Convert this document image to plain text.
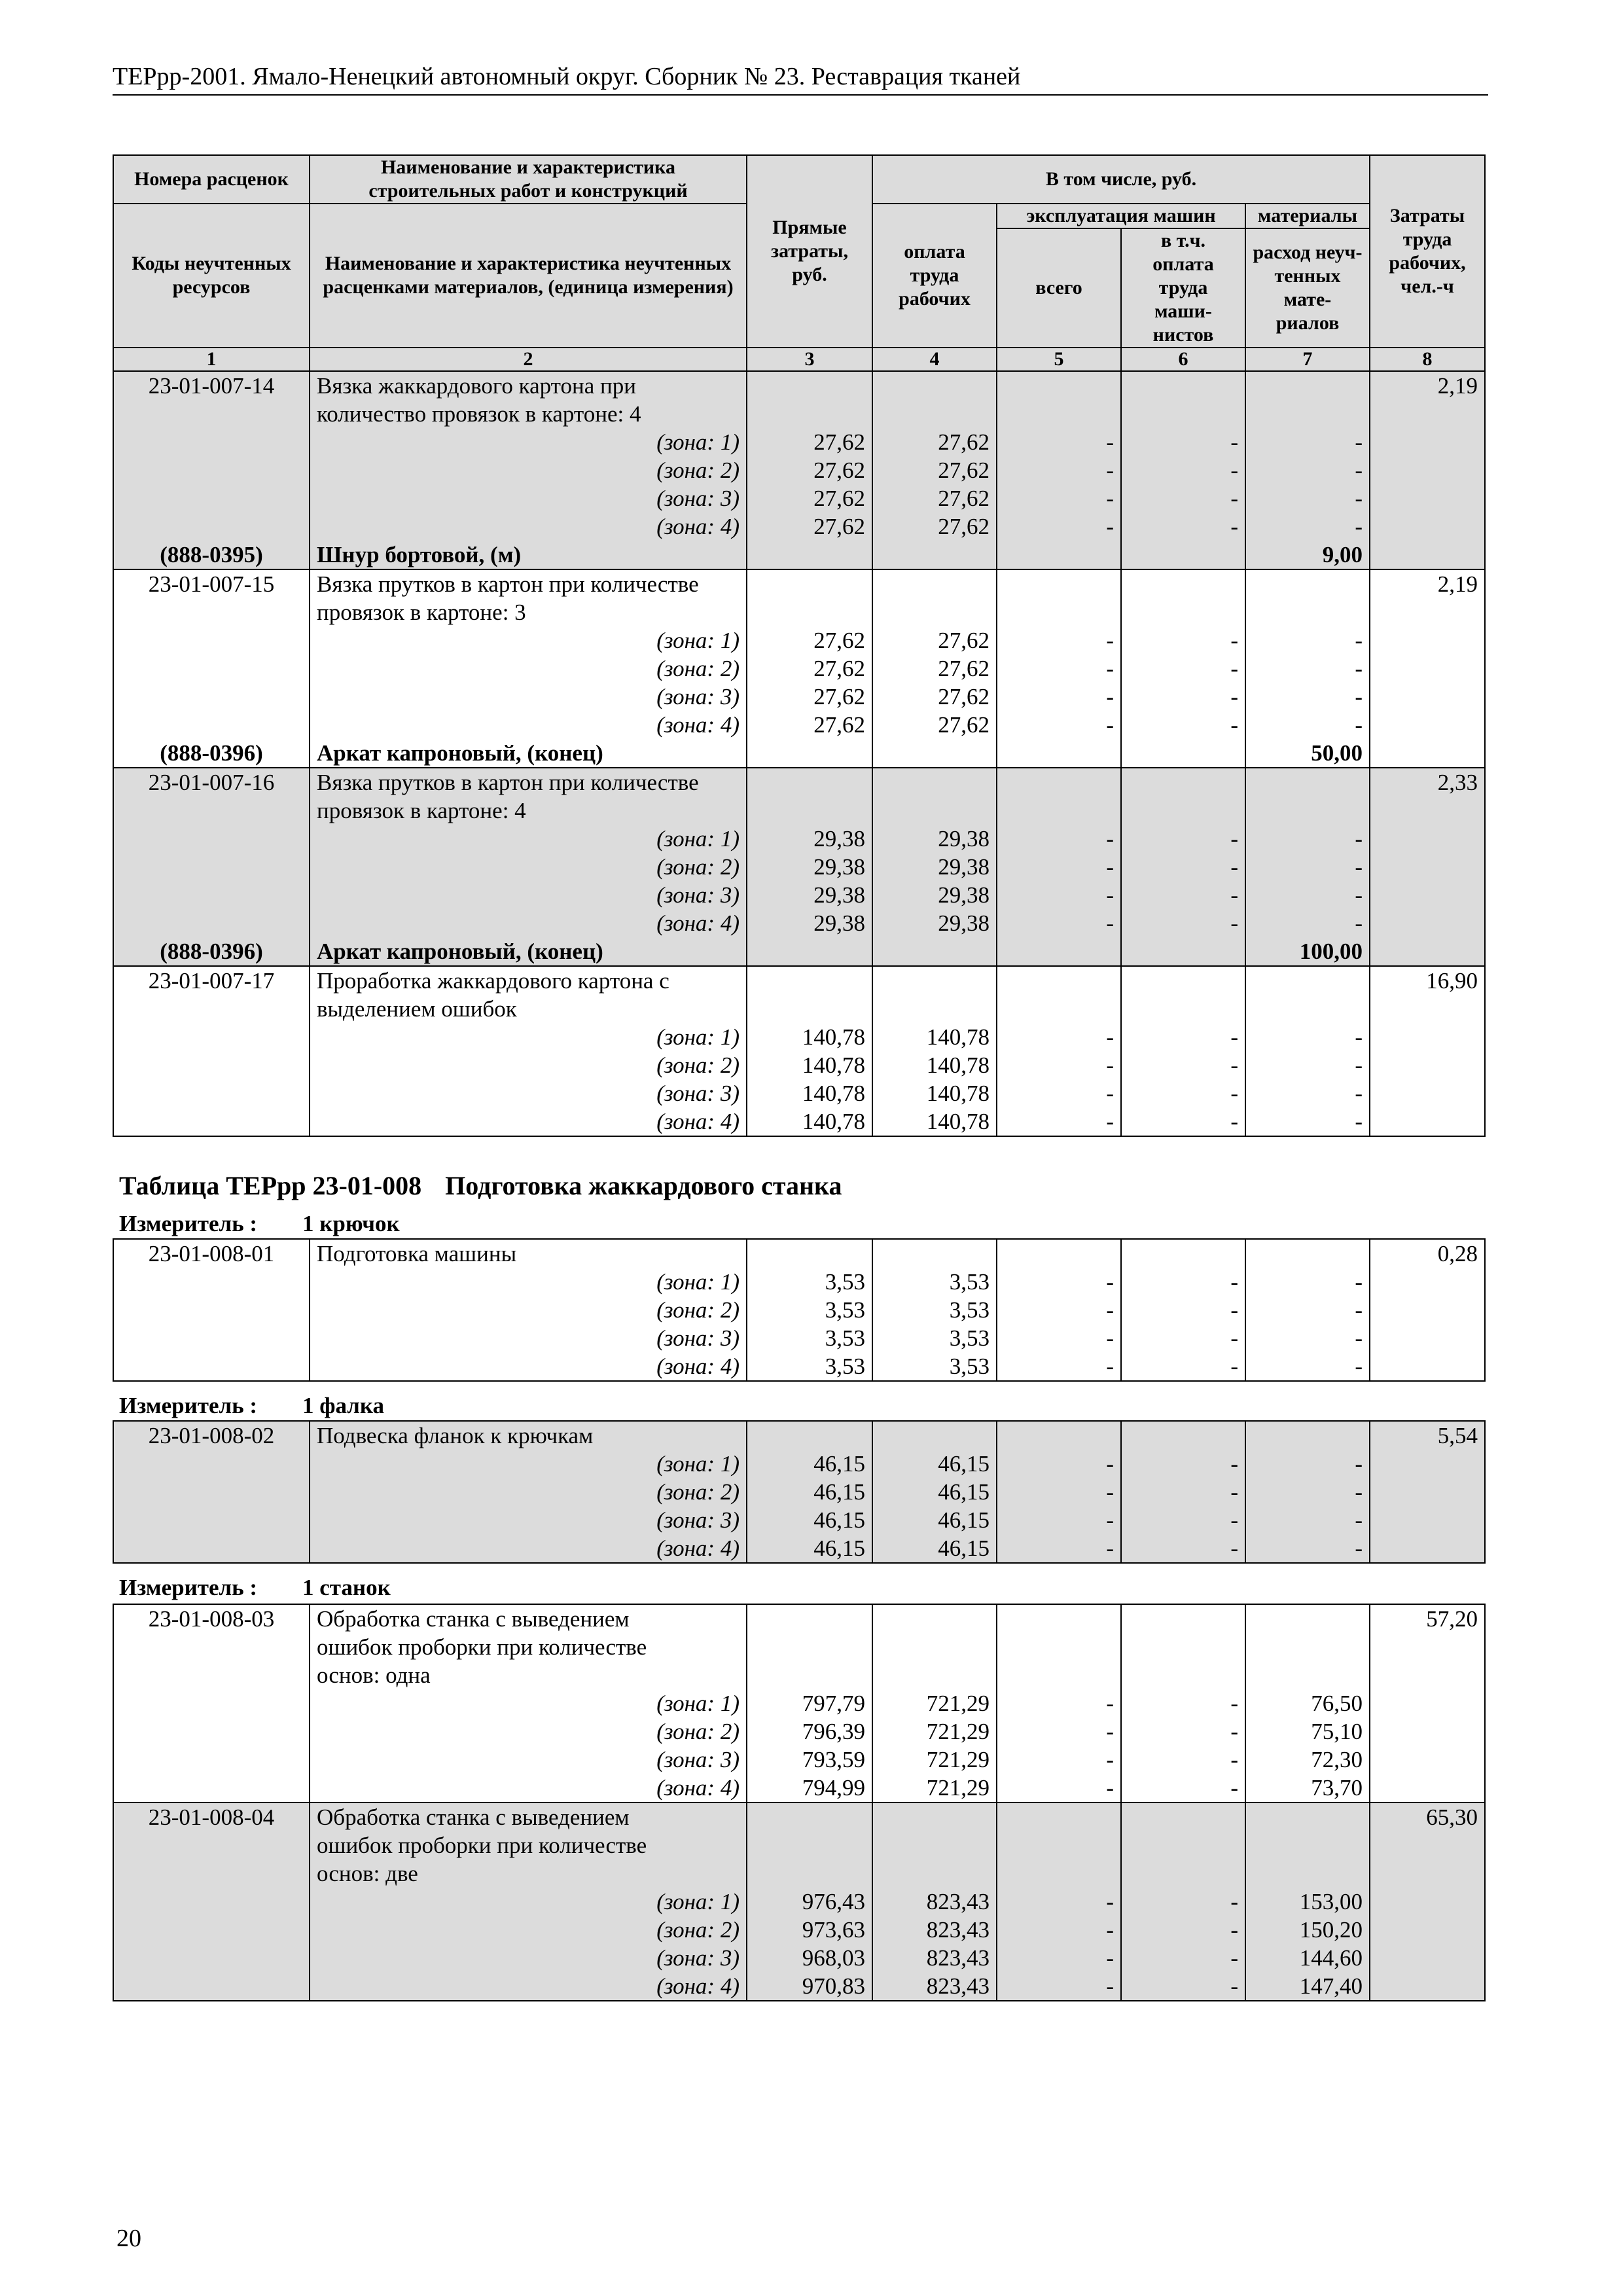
ТЕРрр-2001. Ямало-Ненецкий автономный округ. Сборник № 23. Реставрация тканей
Номера расценок	Наименование и характеристика строительных работ и конструкций	Прямые затраты, руб.	В том числе, руб.				Затраты труда рабочих, чел.-ч
Коды неучтенных ресурсов	Наименование и характеристика неучтенных расценками материалов, (единица измерения)		оплата труда рабочих	эксплуатация машин		материалы	
				всего	в т.ч. оплата труда маши-нистов	расход неуч-тенных мате-риалов	

1	2	3	4	5	6	7	8
23-01-007-14	Вязка жаккардового картона при						2,19
	количество провязок в картоне: 4						
	(зона: 1)	27,62	27,62	-	-	-	
	(зона: 2)	27,62	27,62	-	-	-	
	(зона: 3)	27,62	27,62	-	-	-	
	(зона: 4)	27,62	27,62	-	-	-	
(888-0395)	Шнур бортовой, (м)					9,00	
23-01-007-15	Вязка прутков в картон при количестве						2,19
	провязок в картоне: 3						
	(зона: 1)	27,62	27,62	-	-	-	
	(зона: 2)	27,62	27,62	-	-	-	
	(зона: 3)	27,62	27,62	-	-	-	
	(зона: 4)	27,62	27,62	-	-	-	
(888-0396)	Аркат капроновый, (конец)					50,00	
23-01-007-16	Вязка прутков в картон при количестве						2,33
	провязок в картоне: 4						
	(зона: 1)	29,38	29,38	-	-	-	
	(зона: 2)	29,38	29,38	-	-	-	
	(зона: 3)	29,38	29,38	-	-	-	
	(зона: 4)	29,38	29,38	-	-	-	
(888-0396)	Аркат капроновый, (конец)					100,00	
23-01-007-17	Проработка жаккардового картона с						16,90
	выделением ошибок						
	(зона: 1)	140,78	140,78	-	-	-	
	(зона: 2)	140,78	140,78	-	-	-	
	(зона: 3)	140,78	140,78	-	-	-	
	(зона: 4)	140,78	140,78	-	-	-	
Таблица ТЕРрр 23-01-008 Подготовка жаккардового станка
Измеритель : 1 крючок
23-01-008-01	Подготовка машины						0,28
	(зона: 1)	3,53	3,53	-	-	-	
	(зона: 2)	3,53	3,53	-	-	-	
	(зона: 3)	3,53	3,53	-	-	-	
	(зона: 4)	3,53	3,53	-	-	-	
Измеритель : 1 фалка
23-01-008-02	Подвеска фланок к крючкам						5,54
	(зона: 1)	46,15	46,15	-	-	-	
	(зона: 2)	46,15	46,15	-	-	-	
	(зона: 3)	46,15	46,15	-	-	-	
	(зона: 4)	46,15	46,15	-	-	-	
Измеритель : 1 станок
23-01-008-03	Обработка станка с выведением						57,20
	ошибок проборки при количестве						
	основ: одна						
	(зона: 1)	797,79	721,29	-	-	76,50	
	(зона: 2)	796,39	721,29	-	-	75,10	
	(зона: 3)	793,59	721,29	-	-	72,30	
	(зона: 4)	794,99	721,29	-	-	73,70	
23-01-008-04	Обработка станка с выведением						65,30
	ошибок проборки при количестве						
	основ: две						
	(зона: 1)	976,43	823,43	-	-	153,00	
	(зона: 2)	973,63	823,43	-	-	150,20	
	(зона: 3)	968,03	823,43	-	-	144,60	
	(зона: 4)	970,83	823,43	-	-	147,40	
20
